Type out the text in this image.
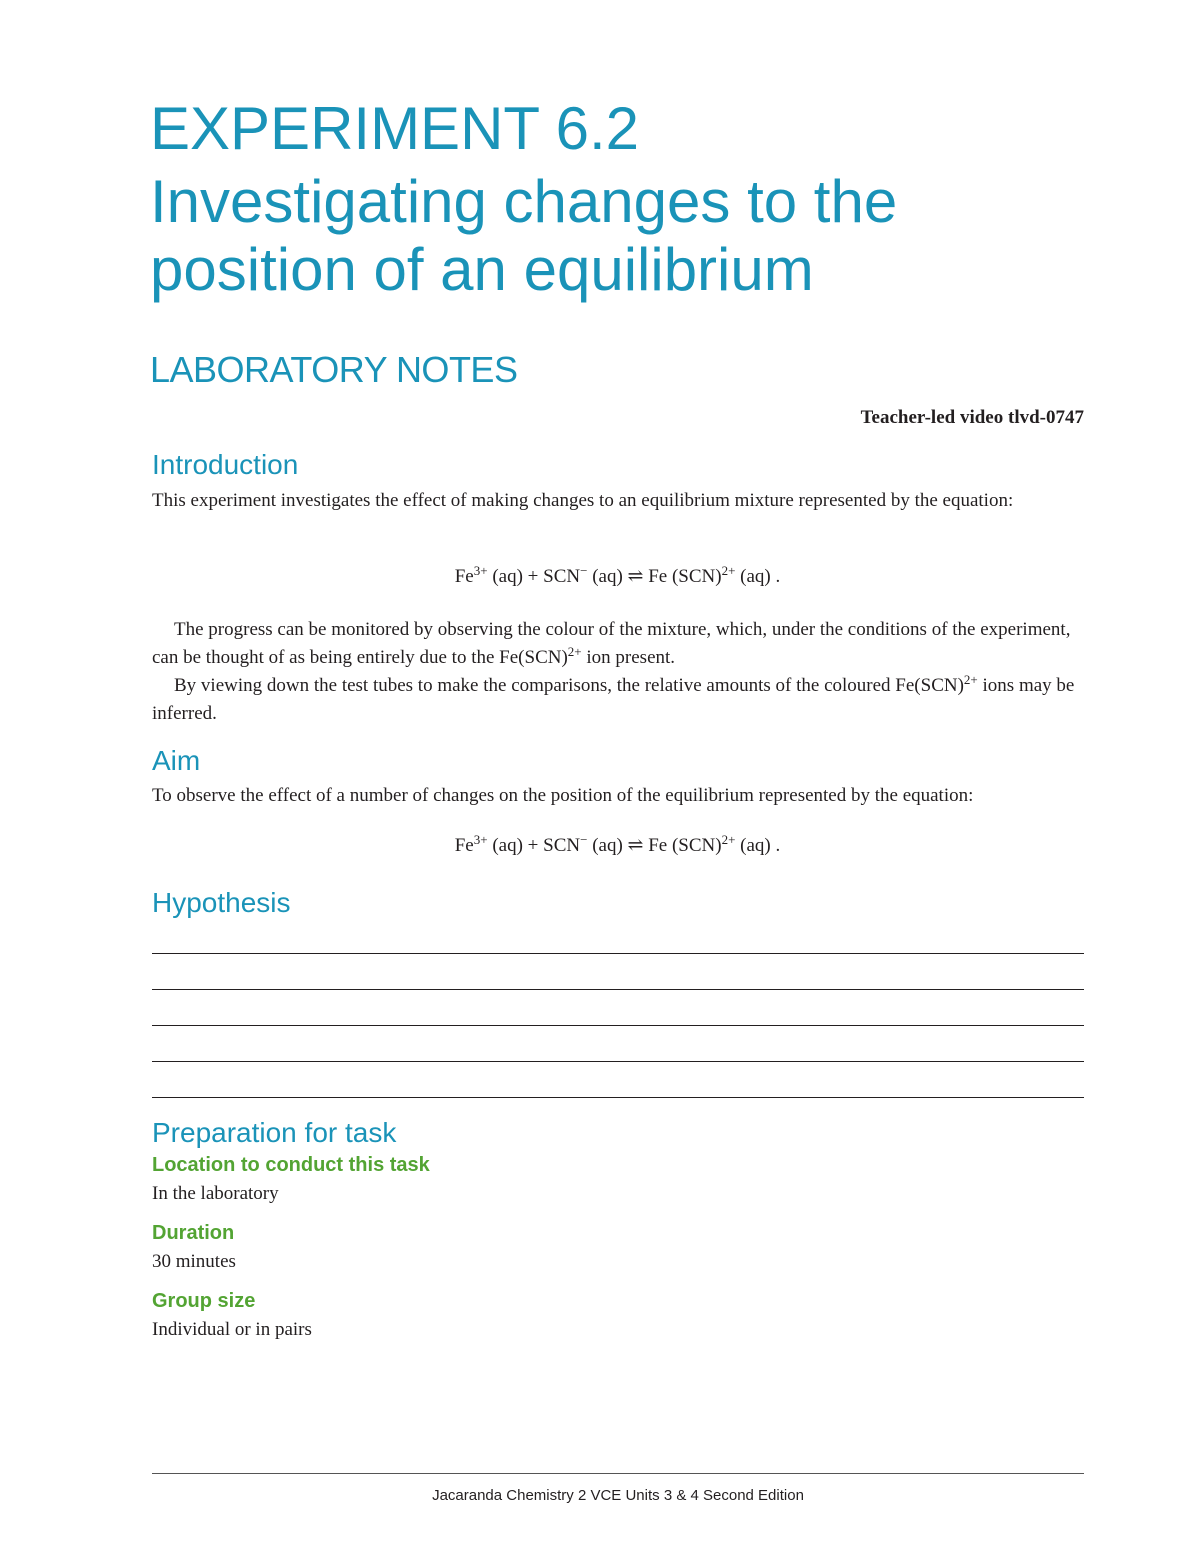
EXPERIMENT 6.2
Investigating changes to the position of an equilibrium
LABORATORY NOTES
Teacher-led video tlvd-0747
Introduction
This experiment investigates the effect of making changes to an equilibrium mixture represented by the equation:
$Fe^{3+}$ (aq) + SCN− (aq) ⇌ Fe (SCN)$^{2+}$ (aq) .

The progress can be monitored by observing the colour of the mixture, which, under the conditions of the experiment, can be thought of as being entirely due to the Fe(SCN)$^{2+}$ ion present.

By viewing down the test tubes to make the comparisons, the relative amounts of the coloured Fe(SCN)$^{2+}$ ions may be inferred.

Aim
To observe the effect of a number of changes on the position of the equilibrium represented by the equation:
$Fe^{3+}$ (aq) + SCN− (aq) ⇌ Fe (SCN)$^{2+}$ (aq) .
Hypothesis
Preparation for task
Location to conduct this task
In the laboratory
Duration
30 minutes
Group size
Individual or in pairs
Jacaranda Chemistry 2 VCE Units 3 & 4 Second Edition
